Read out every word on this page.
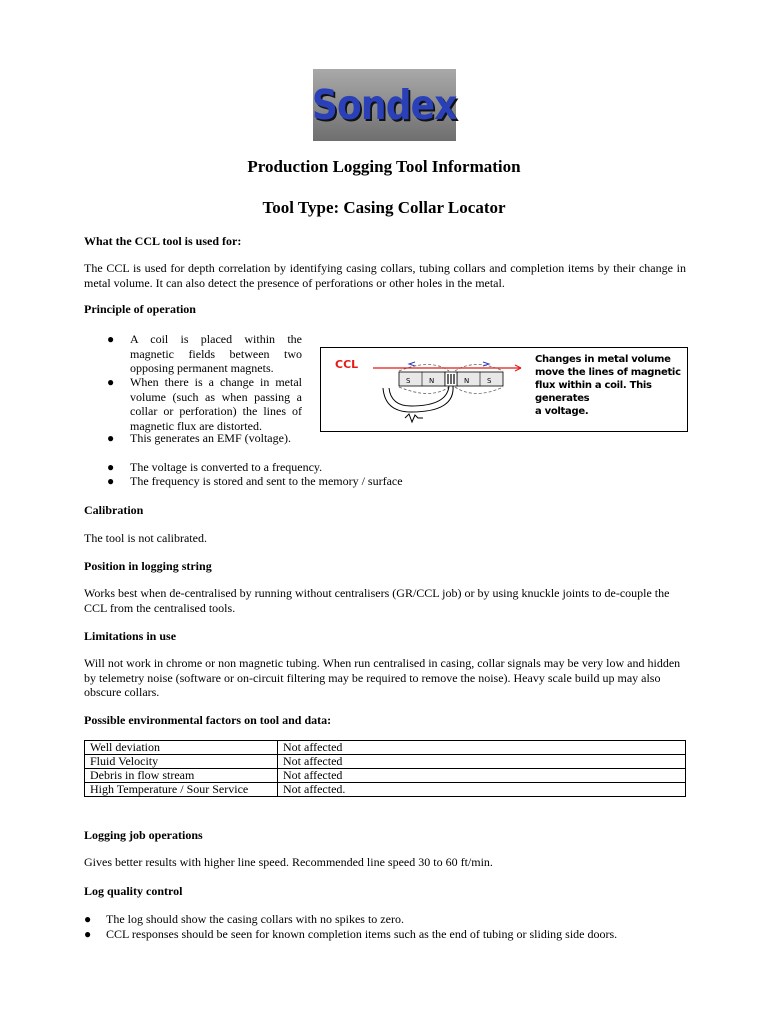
Sondex
Production Logging Tool Information
Tool Type: Casing Collar Locator
What the CCL tool is used for:
The CCL is used for depth correlation by identifying casing collars, tubing collars and completion items by their change in metal volume. It can also detect the presence of perforations or other holes in the metal.
Principle of operation
● A coil is placed within the magnetic fields between two opposing permanent magnets.
● When there is a change in metal volume (such as when passing a collar or perforation) the lines of magnetic flux are distorted.
● This generates an EMF (voltage).
● The voltage is converted to a frequency.
● The frequency is stored and sent to the memory / surface
CCL
S	N	N	S
Changes in metal volume
move the lines of magnetic
flux within a coil. This
generates
a voltage.
Calibration
The tool is not calibrated.
Position in logging string
Works best when de-centralised by running without centralisers (GR/CCL job) or by using knuckle joints to de-couple the CCL from the centralised tools.
Limitations in use
Will not work in chrome or non magnetic tubing. When run centralised in casing, collar signals may be very low and hidden by telemetry noise (software or on-circuit filtering may be required to remove the noise). Heavy scale build up may also obscure collars.
Possible environmental factors on tool and data:
Well deviation	Not affected
Fluid Velocity	Not affected
Debris in flow stream	Not affected
High Temperature / Sour Service	Not affected.
Logging job operations
Gives better results with higher line speed. Recommended line speed 30 to 60 ft/min.
Log quality control
● The log should show the casing collars with no spikes to zero.
● CCL responses should be seen for known completion items such as the end of tubing or sliding side doors.
